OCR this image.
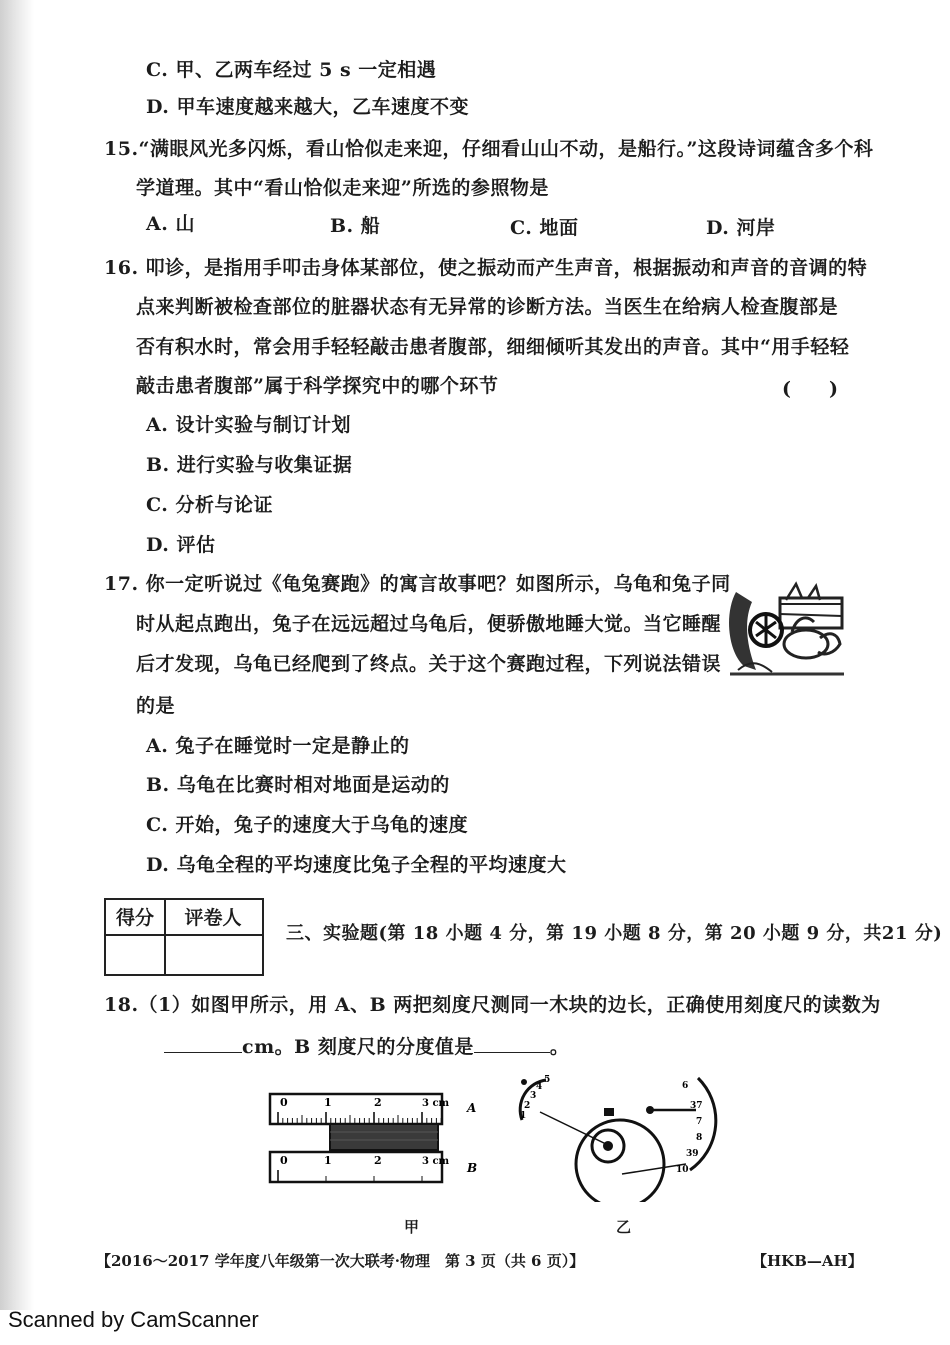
C. 甲、乙两车经过 5 s 一定相遇
D. 甲车速度越来越大，乙车速度不变
15.“满眼风光多闪烁，看山恰似走来迎，仔细看山山不动，是船行。”这段诗词蕴含多个科
学道理。其中“看山恰似走来迎”所选的参照物是
A. 山	B. 船	C. 地面	D. 河岸
16. 叩诊，是指用手叩击身体某部位，使之振动而产生声音，根据振动和声音的音调的特
点来判断被检查部位的脏器状态有无异常的诊断方法。当医生在给病人检查腹部是
否有积水时，常会用手轻轻敲击患者腹部，细细倾听其发出的声音。其中“用手轻轻
敲击患者腹部”属于科学探究中的哪个环节	(　　)
A. 设计实验与制订计划
B. 进行实验与收集证据
C. 分析与论证
D. 评估
17. 你一定听说过《龟兔赛跑》的寓言故事吧？如图所示，乌龟和兔子同
时从起点跑出，兔子在远远超过乌龟后，便骄傲地睡大觉。当它睡醒
后才发现，乌龟已经爬到了终点。关于这个赛跑过程，下列说法错误
的是
A. 兔子在睡觉时一定是静止的
B. 乌龟在比赛时相对地面是运动的
C. 开始，兔子的速度大于乌龟的速度
D. 乌龟全程的平均速度比兔子全程的平均速度大
得分	评卷人
三、实验题(第 18 小题 4 分，第 19 小题 8 分，第 20 小题 9 分，共21 分)
18.（1）如图甲所示，用 A、B 两把刻度尺测同一木块的边长，正确使用刻度尺的读数为
cm。B 刻度尺的分度值是	。
0	1	2	3 cm A
0	1	2	3 cm B
1
2
3
4
5
6
37
7
8
39
10
甲	乙
【2016～2017 学年度八年级第一次大联考·物理　第 3 页（共 6 页）】	【HKB—AH】
Scanned by CamScanner
